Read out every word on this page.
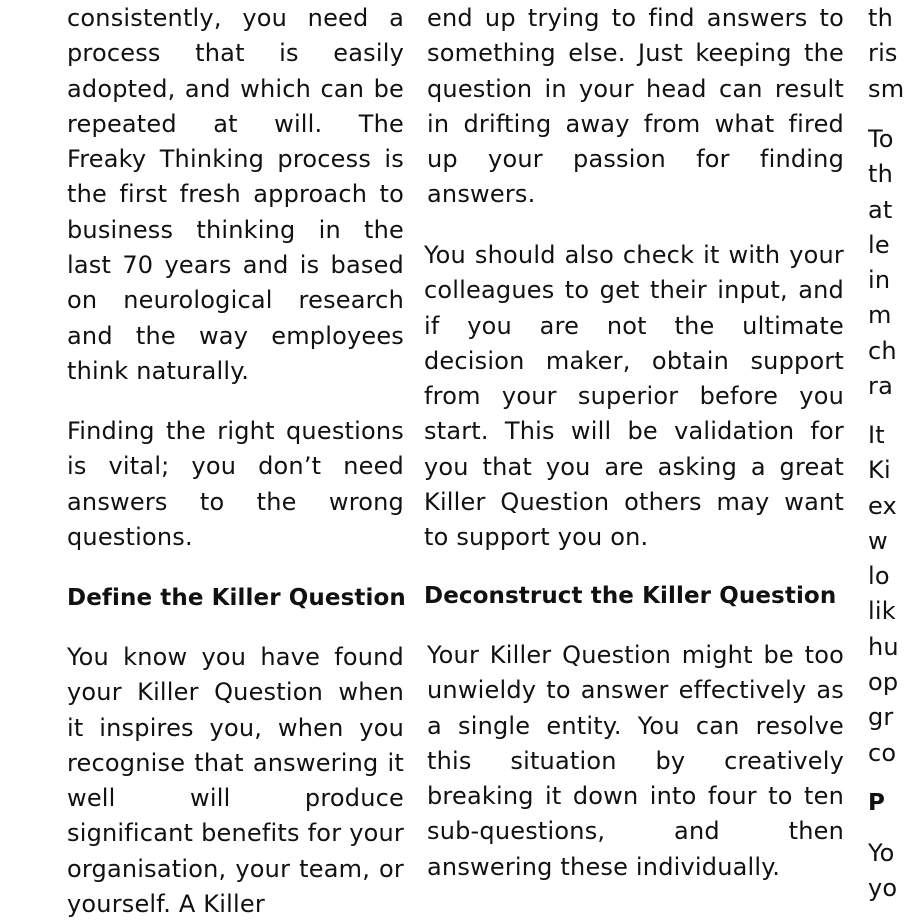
consistently, you need a process that is easily adopted, and which can be repeated at will. The Freaky Thinking process is the first fresh approach to business thinking in the last 70 years and is based on neurological research and the way employees think naturally.

Finding the right questions is vital; you don’t need answers to the wrong questions.

Define the Killer Question

You know you have found your Killer Question when it inspires you, when you recognise that answering it well will produce significant benefits for your organisation, your team, or yourself. A Killer

end up trying to find answers to something else. Just keeping the question in your head can result in drifting away from what fired up your passion for finding answers.

You should also check it with your colleagues to get their input, and if you are not the ultimate decision maker, obtain support from your superior before you start. This will be validation for you that you are asking a great Killer Question others may want to support you on.

Deconstruct the Killer Question

Your Killer Question might be too unwieldy to answer effectively as a single entity. You can resolve this situation by creatively breaking it down into four to ten sub-questions, and then answering these individually.

th ris sm

To th at le in m ch ra

It Ki ex w lo lik hu op gr co

P

Yo yo
